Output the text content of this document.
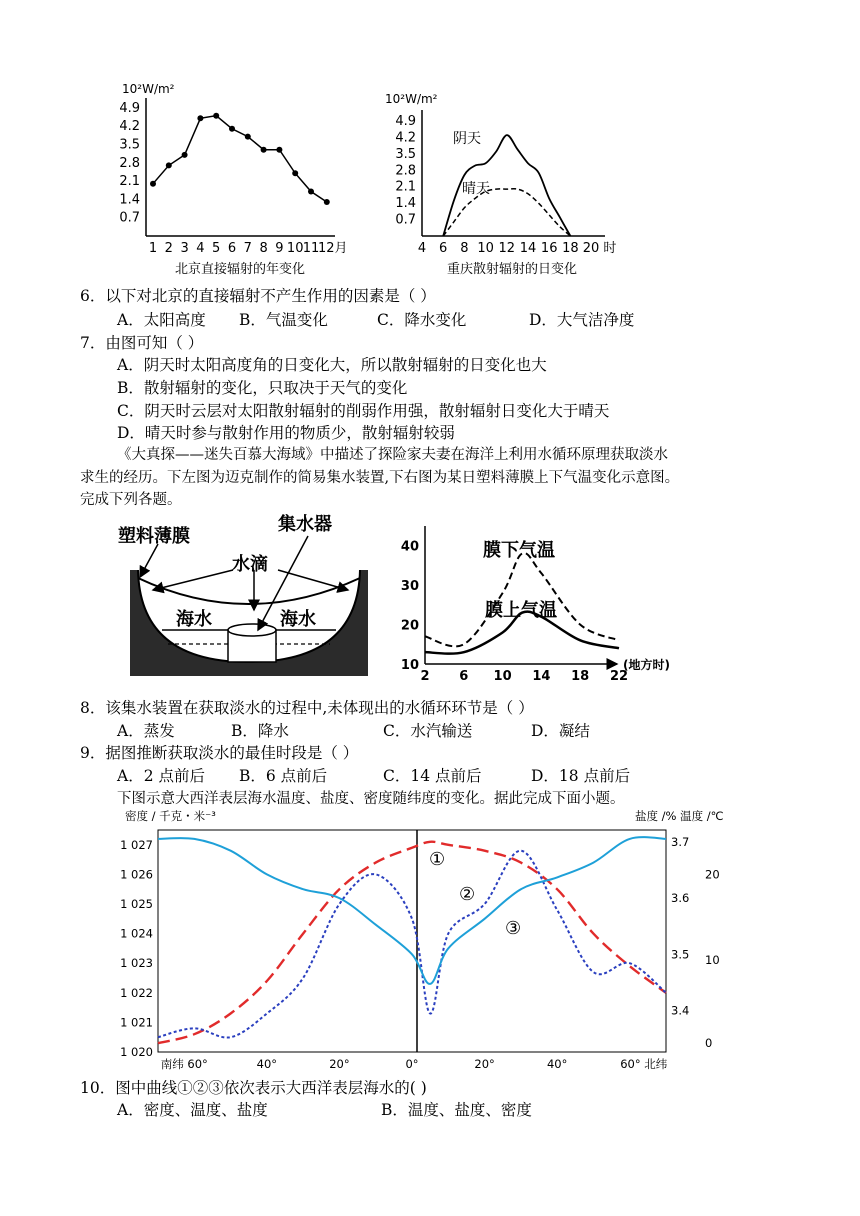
10²W/m²
4.9
4.2
3.5
2.8
2.1
1.4
0.7
1 2 3 4 5 6 7 8 9 10 11
12月
北京直接辐射的年变化
10²W/m²
4.9
4.2
3.5
2.8
2.1
1.4
0.7
4 6 8 10 12 14 16 18 20 时
阴天
晴天
重庆散射辐射的日变化
6．以下对北京的直接辐射不产生作用的因素是（ ）
A．太阳高度 B．气温变化	C．降水变化	D．大气洁净度
7．由图可知（ ）
A．阴天时太阳高度角的日变化大，所以散射辐射的日变化也大
B．散射辐射的变化，只取决于天气的变化
C．阴天时云层对太阳散射辐射的削弱作用强，散射辐射日变化大于晴天
D．晴天时参与散射作用的物质少，散射辐射较弱
《大真探——迷失百慕大海域》中描述了探险家夫妻在海洋上利用水循环原理获取淡水
求生的经历。下左图为迈克制作的简易集水装置,下右图为某日塑料薄膜上下气温变化示意图。
完成下列各题。
塑料薄膜
集水器
水滴
海水	海水
40
30
20
10
2 6 10 14 18 22
(地方时)
膜下气温
膜上气温
8．该集水装置在获取淡水的过程中,未体现出的水循环环节是（ ）
A．蒸发	B．降水	C．水汽输送	D．凝结
9．据图推断获取淡水的最佳时段是（ ）
A．2 点前后 B．6 点前后	C．14 点前后	D．18 点前后
下图示意大西洋表层海水温度、盐度、密度随纬度的变化。据此完成下面小题。
密度 / 千克・米⁻³	盐度 /% 温度 /℃
1 027
1 026
1 025
1 024
1 023
1 022
1 021
1 020
3.7
3.6
3.5
3.4
20
10
0
南纬 60°	40°	20°	0°	20°	40°	60° 北纬
①
②
③
10．图中曲线①②③依次表示大西洋表层海水的( )
A．密度、温度、盐度	B．温度、盐度、密度
